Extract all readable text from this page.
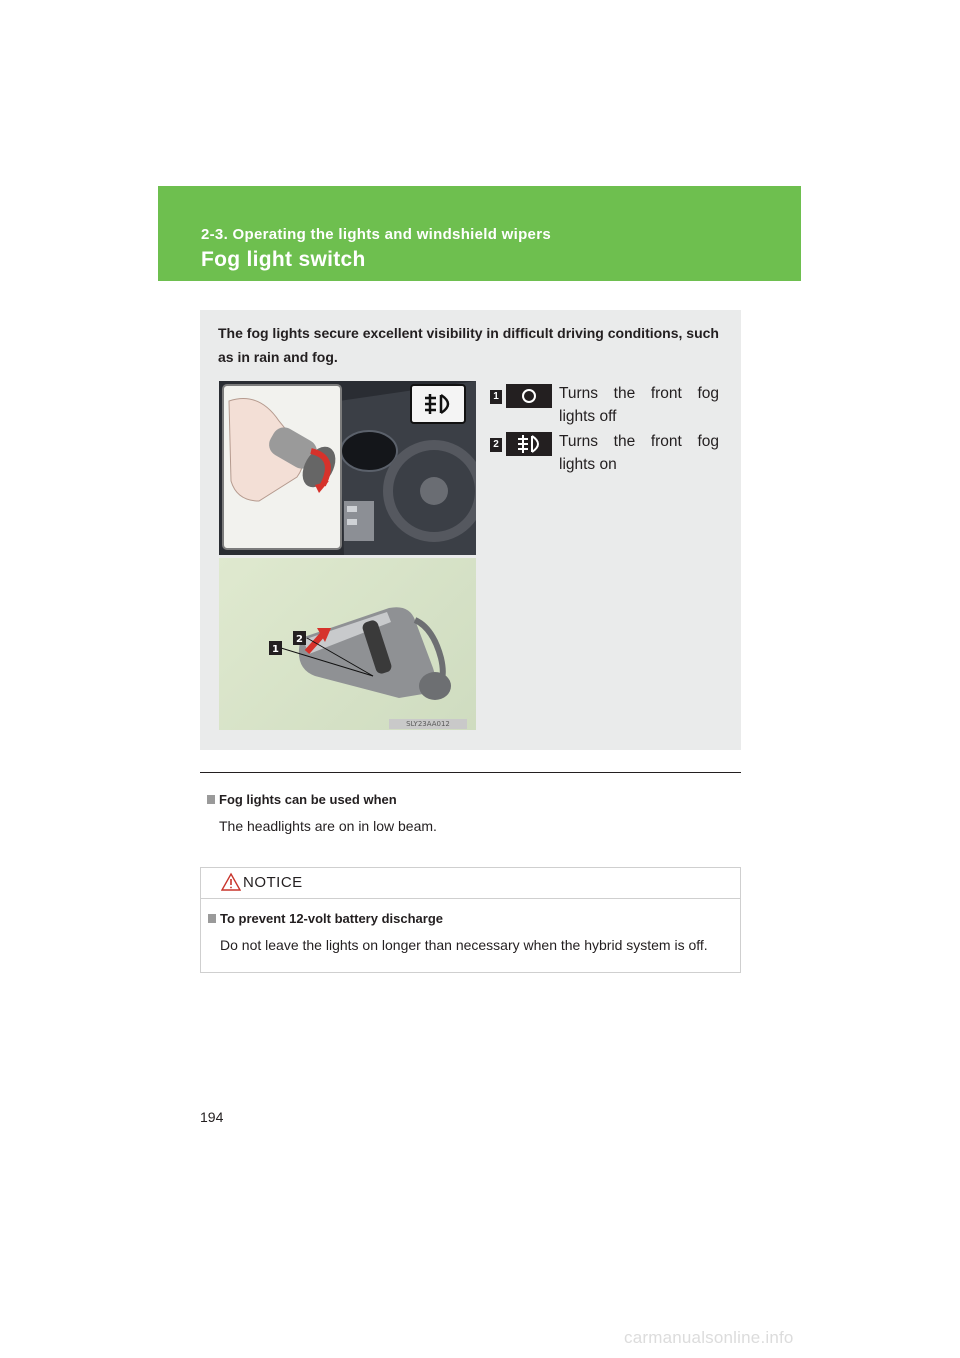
2-3. Operating the lights and windshield wipers
Fog light switch
The fog lights secure excellent visibility in difficult driving conditions, such as in rain and fog.
1
2
SLY23AA012
1	Turns the front fog lights off
2	Turns the front fog lights on
Fog lights can be used when
The headlights are on in low beam.
NOTICE
To prevent 12-volt battery discharge
Do not leave the lights on longer than necessary when the hybrid system is off.
194
carmanualsonline.info
